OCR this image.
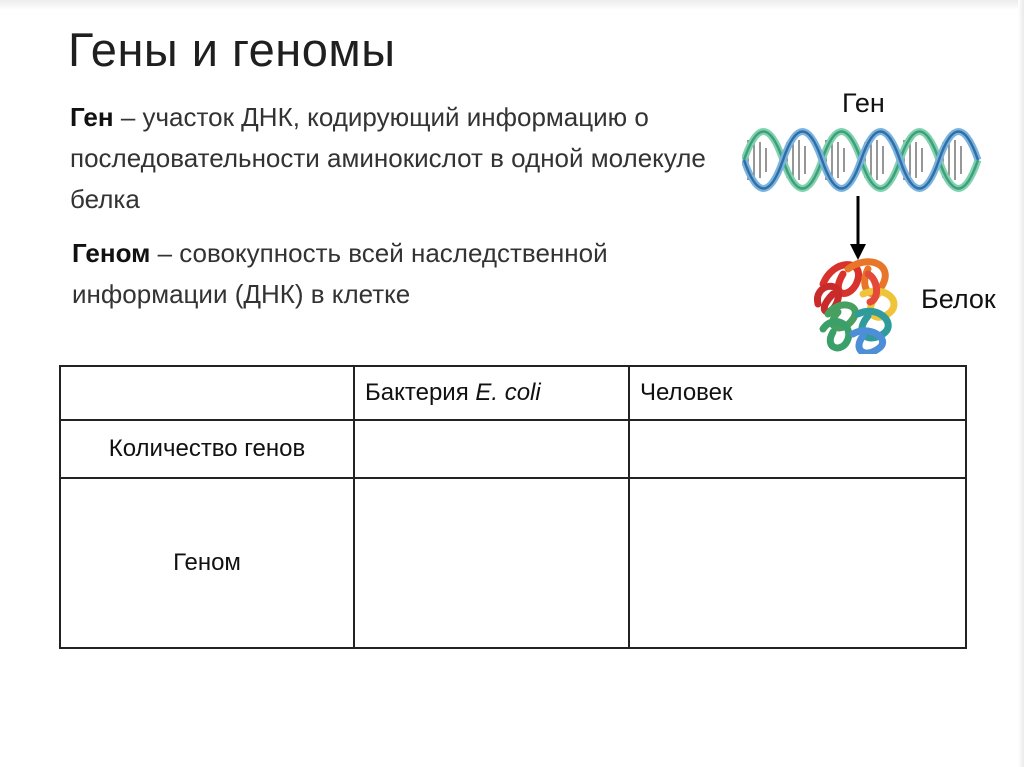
Гены и геномы
Ген – участок ДНК, кодирующий информацию о последовательности аминокислот в одной молекуле белка
Геном – совокупность всей наследственной информации (ДНК) в клетке
Ген
Белок
	Бактерия E. coli	Человек
Количество генов		
Геном		
